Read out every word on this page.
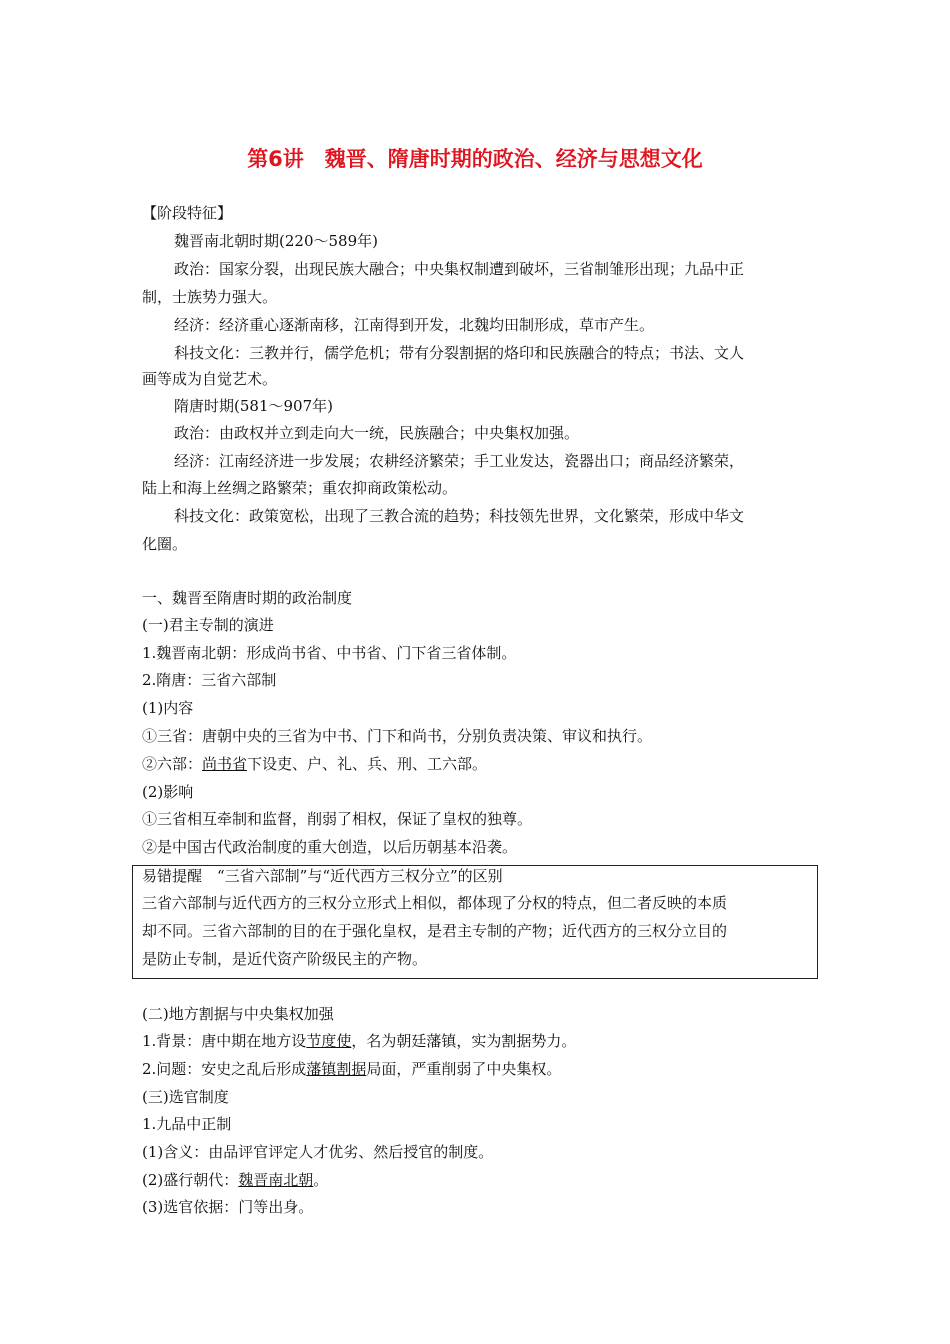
第6讲　魏晋、隋唐时期的政治、经济与思想文化
【阶段特征】
魏晋南北朝时期(220～589年)
政治：国家分裂，出现民族大融合；中央集权制遭到破坏，三省制雏形出现；九品中正
制，士族势力强大。
经济：经济重心逐渐南移，江南得到开发，北魏均田制形成，草市产生。
科技文化：三教并行，儒学危机；带有分裂割据的烙印和民族融合的特点；书法、文人
画等成为自觉艺术。
隋唐时期(581～907年)
政治：由政权并立到走向大一统，民族融合；中央集权加强。
经济：江南经济进一步发展；农耕经济繁荣；手工业发达，瓷器出口；商品经济繁荣，
陆上和海上丝绸之路繁荣；重农抑商政策松动。
科技文化：政策宽松，出现了三教合流的趋势；科技领先世界，文化繁荣，形成中华文
化圈。
一、魏晋至隋唐时期的政治制度
(一)君主专制的演进
1.魏晋南北朝：形成尚书省、中书省、门下省三省体制。
2.隋唐：三省六部制
(1)内容
①三省：唐朝中央的三省为中书、门下和尚书，分别负责决策、审议和执行。
②六部：尚书省下设吏、户、礼、兵、刑、工六部。
(2)影响
①三省相互牵制和监督，削弱了相权，保证了皇权的独尊。
②是中国古代政治制度的重大创造，以后历朝基本沿袭。
易错提醒　“三省六部制”与“近代西方三权分立”的区别
三省六部制与近代西方的三权分立形式上相似，都体现了分权的特点，但二者反映的本质
却不同。三省六部制的目的在于强化皇权，是君主专制的产物；近代西方的三权分立目的
是防止专制，是近代资产阶级民主的产物。
(二)地方割据与中央集权加强
1.背景：唐中期在地方设节度使，名为朝廷藩镇，实为割据势力。
2.问题：安史之乱后形成藩镇割据局面，严重削弱了中央集权。
(三)选官制度
1.九品中正制
(1)含义：由品评官评定人才优劣、然后授官的制度。
(2)盛行朝代：魏晋南北朝。
(3)选官依据：门等出身。
